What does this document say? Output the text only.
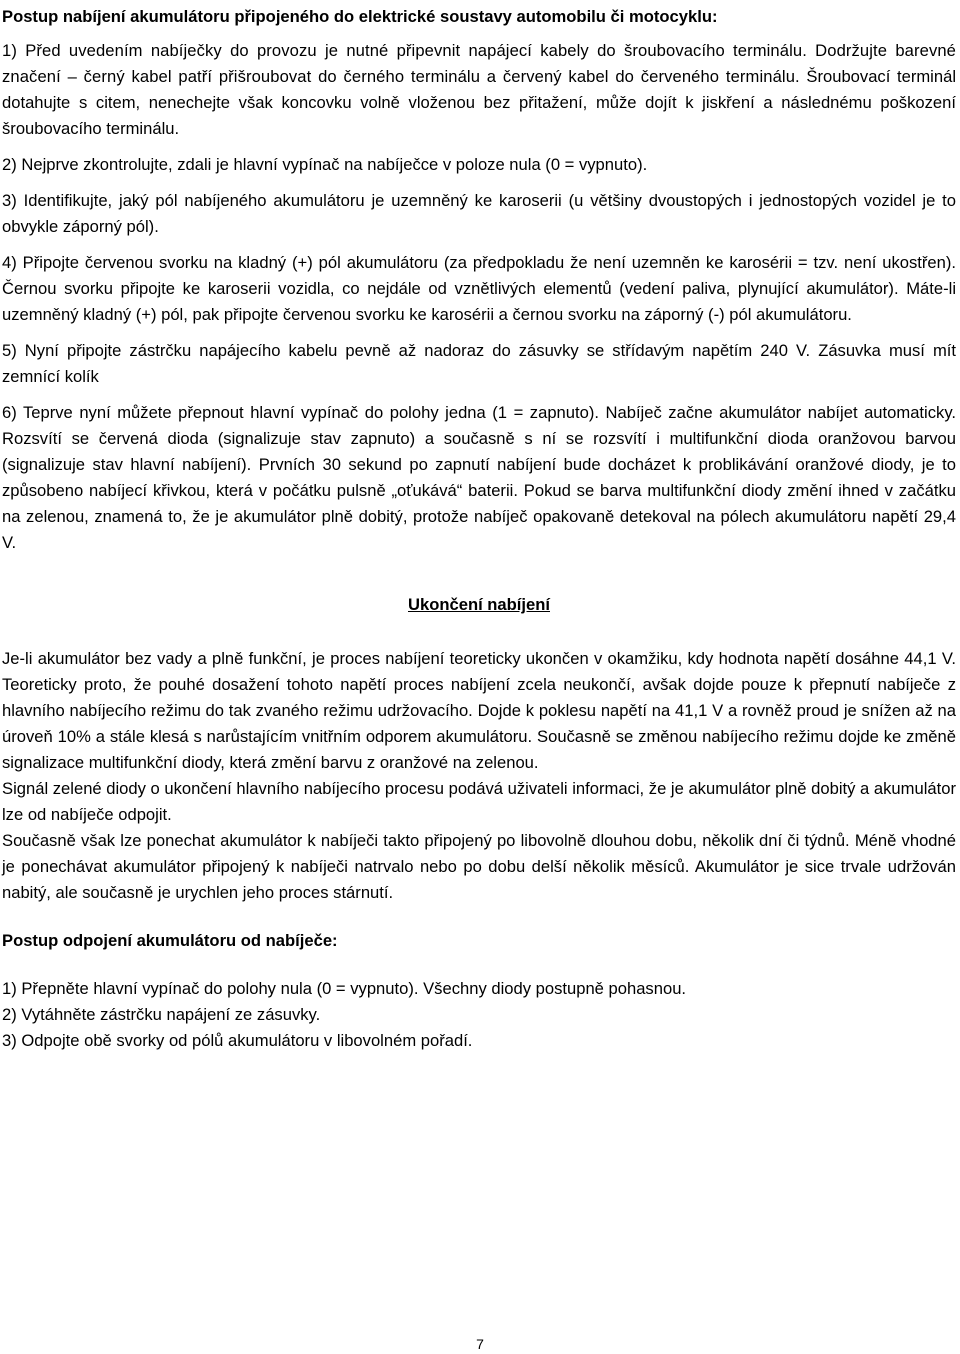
Postup nabíjení akumulátoru připojeného do elektrické soustavy automobilu či motocyklu:

1) Před uvedením nabíječky do provozu je nutné připevnit napájecí kabely do šroubovacího terminálu. Dodržujte barevné značení – černý kabel patří přišroubovat do černého terminálu a červený kabel do červeného terminálu. Šroubovací terminál dotahujte s citem, nenechejte však koncovku volně vloženou bez přitažení, může dojít k jiskření a následnému poškození šroubovacího terminálu.

2) Nejprve zkontrolujte, zdali je hlavní vypínač na nabíječce v poloze nula (0 = vypnuto).

3) Identifikujte, jaký pól nabíjeného akumulátoru je uzemněný ke karoserii (u většiny dvoustopých i jednostopých vozidel je to obvykle záporný pól).

4) Připojte červenou svorku na kladný (+) pól akumulátoru (za předpokladu že není uzemněn ke karosérii = tzv. není ukostřen). Černou svorku připojte ke karoserii vozidla, co nejdále od vznětlivých elementů (vedení paliva, plynující akumulátor). Máte-li uzemněný kladný (+) pól, pak připojte červenou svorku ke karosérii a černou svorku na záporný (-) pól akumulátoru.

5) Nyní připojte zástrčku napájecího kabelu pevně až nadoraz do zásuvky se střídavým napětím 240 V. Zásuvka musí mít zemnící kolík

6) Teprve nyní můžete přepnout hlavní vypínač do polohy jedna (1 = zapnuto). Nabíječ začne akumulátor nabíjet automaticky. Rozsvítí se červená dioda (signalizuje stav zapnuto) a současně s ní se rozsvítí i multifunkční dioda oranžovou barvou (signalizuje stav hlavní nabíjení). Prvních 30 sekund po zapnutí nabíjení bude docházet k problikávání oranžové diody, je to způsobeno nabíjecí křivkou, která v počátku pulsně „oťukává“ baterii. Pokud se barva multifunkční diody změní ihned v začátku na zelenou, znamená to, že je akumulátor plně dobitý, protože nabíječ opakovaně detekoval na pólech akumulátoru napětí 29,4 V.

Ukončení nabíjení

Je-li akumulátor bez vady a plně funkční, je proces nabíjení teoreticky ukončen v okamžiku, kdy hodnota napětí dosáhne 44,1 V. Teoreticky proto, že pouhé dosažení tohoto napětí proces nabíjení zcela neukončí, avšak dojde pouze k přepnutí nabíječe z hlavního nabíjecího režimu do tak zvaného režimu udržovacího. Dojde k poklesu napětí na 41,1 V a rovněž proud je snížen až na úroveň 10% a stále klesá s narůstajícím vnitřním odporem akumulátoru. Současně se změnou nabíjecího režimu dojde ke změně signalizace multifunkční diody, která změní barvu z oranžové na zelenou.

Signál zelené diody o ukončení hlavního nabíjecího procesu podává uživateli informaci, že je akumulátor plně dobitý a akumulátor lze od nabíječe odpojit.

Současně však lze ponechat akumulátor k nabíječi takto připojený po libovolně dlouhou dobu, několik dní či týdnů. Méně vhodné je ponechávat akumulátor připojený k nabíječi natrvalo nebo po dobu delší několik měsíců. Akumulátor je sice trvale udržován nabitý, ale současně je urychlen jeho proces stárnutí.

Postup odpojení akumulátoru od nabíječe:

1) Přepněte hlavní vypínač do polohy nula (0 = vypnuto). Všechny diody postupně pohasnou.

2) Vytáhněte zástrčku napájení ze zásuvky.

3) Odpojte obě svorky od pólů akumulátoru v libovolném pořadí.

7
